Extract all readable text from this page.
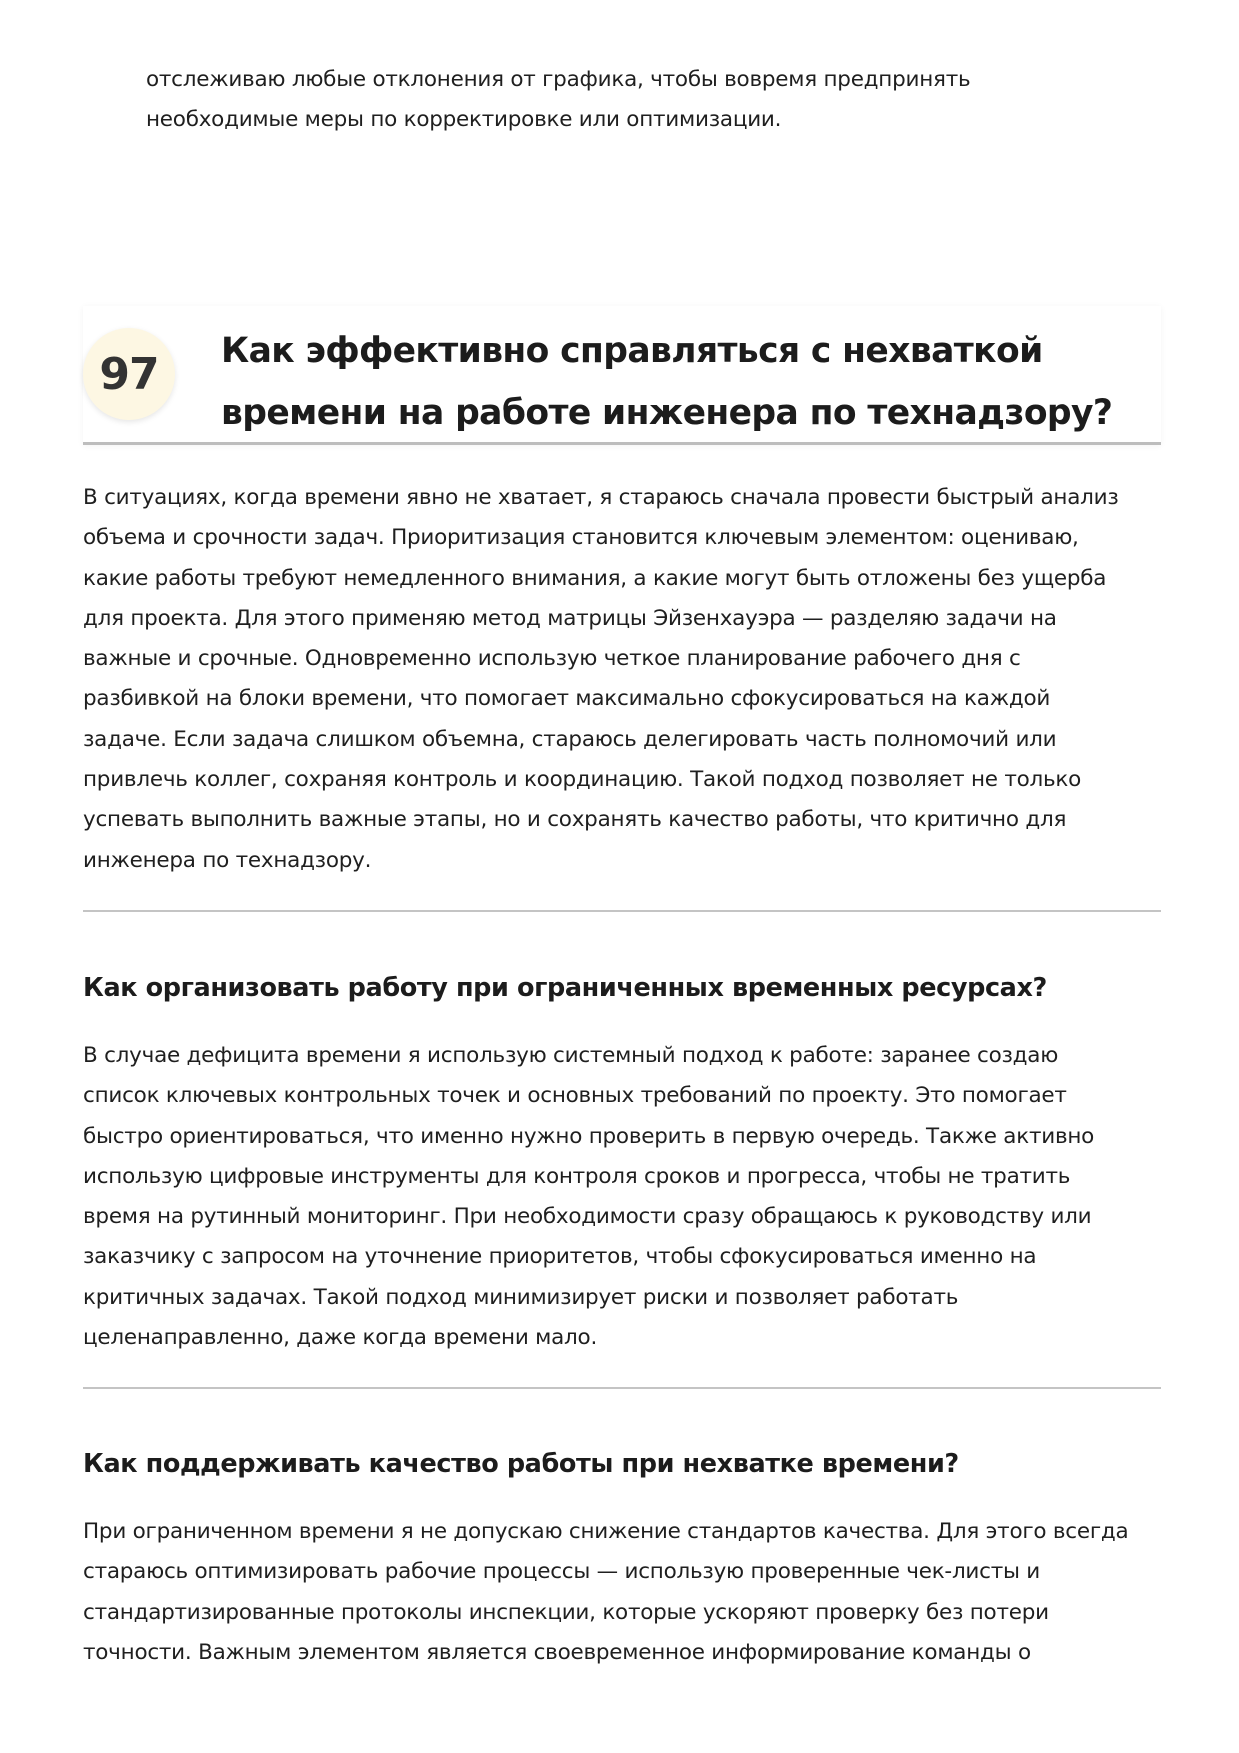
отслеживаю любые отклонения от графика, чтобы вовремя предпринять
необходимые меры по корректировке или оптимизации.
97	Как эффективно справляться с нехваткой
времени на работе инженера по технадзору?
В ситуациях, когда времени явно не хватает, я стараюсь сначала провести быстрый анализ
объема и срочности задач. Приоритизация становится ключевым элементом: оцениваю,
какие работы требуют немедленного внимания, а какие могут быть отложены без ущерба
для проекта. Для этого применяю метод матрицы Эйзенхауэра — разделяю задачи на
важные и срочные. Одновременно использую четкое планирование рабочего дня с
разбивкой на блоки времени, что помогает максимально сфокусироваться на каждой
задаче. Если задача слишком объемна, стараюсь делегировать часть полномочий или
привлечь коллег, сохраняя контроль и координацию. Такой подход позволяет не только
успевать выполнить важные этапы, но и сохранять качество работы, что критично для
инженера по технадзору.
Как организовать работу при ограниченных временных ресурсах?
В случае дефицита времени я использую системный подход к работе: заранее создаю
список ключевых контрольных точек и основных требований по проекту. Это помогает
быстро ориентироваться, что именно нужно проверить в первую очередь. Также активно
использую цифровые инструменты для контроля сроков и прогресса, чтобы не тратить
время на рутинный мониторинг. При необходимости сразу обращаюсь к руководству или
заказчику с запросом на уточнение приоритетов, чтобы сфокусироваться именно на
критичных задачах. Такой подход минимизирует риски и позволяет работать
целенаправленно, даже когда времени мало.
Как поддерживать качество работы при нехватке времени?
При ограниченном времени я не допускаю снижение стандартов качества. Для этого всегда
стараюсь оптимизировать рабочие процессы — использую проверенные чек-листы и
стандартизированные протоколы инспекции, которые ускоряют проверку без потери
точности. Важным элементом является своевременное информирование команды о
